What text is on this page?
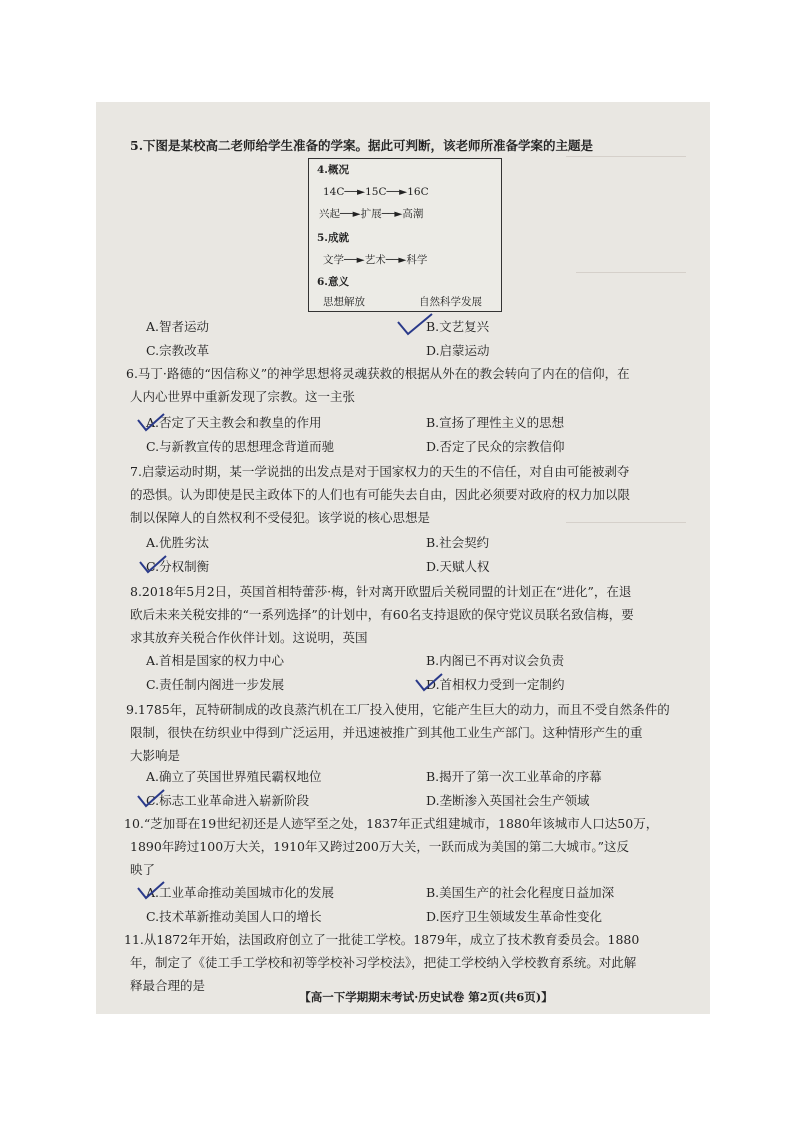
5.下图是某校高二老师给学生准备的学案。据此可判断，该老师所准备学案的主题是
4.概况
14C──►15C──►16C
兴起──►扩展──►高潮
5.成就
文学──►艺术──►科学
6.意义
思想解放	自然科学发展
A.智者运动	B.文艺复兴
C.宗教改革	D.启蒙运动
6.马丁·路德的“因信称义”的神学思想将灵魂获救的根据从外在的教会转向了内在的信仰，在
人内心世界中重新发现了宗教。这一主张
A.否定了天主教会和教皇的作用	B.宣扬了理性主义的思想
C.与新教宣传的思想理念背道而驰	D.否定了民众的宗教信仰
7.启蒙运动时期，某一学说拙的出发点是对于国家权力的天生的不信任，对自由可能被剥夺
的恐惧。认为即使是民主政体下的人们也有可能失去自由，因此必须要对政府的权力加以限
制以保障人的自然权利不受侵犯。该学说的核心思想是
A.优胜劣汰	B.社会契约
C.分权制衡	D.天赋人权
8.2018年5月2日，英国首相特蕾莎·梅，针对离开欧盟后关税同盟的计划正在“进化”，在退
欧后未来关税安排的“一系列选择”的计划中，有60名支持退欧的保守党议员联名致信梅，要
求其放弃关税合作伙伴计划。这说明，英国
A.首相是国家的权力中心	B.内阁已不再对议会负责
C.责任制内阁进一步发展	D.首相权力受到一定制约
9.1785年，瓦特研制成的改良蒸汽机在工厂投入使用，它能产生巨大的动力，而且不受自然条件的
限制，很快在纺织业中得到广泛运用，并迅速被推广到其他工业生产部门。这种情形产生的重
大影响是
A.确立了英国世界殖民霸权地位	B.揭开了第一次工业革命的序幕
C.标志工业革命进入崭新阶段	D.垄断渗入英国社会生产领域
10.“芝加哥在19世纪初还是人迹罕至之处，1837年正式组建城市，1880年该城市人口达50万，
1890年跨过100万大关，1910年又跨过200万大关，一跃而成为美国的第二大城市。”这反
映了
A.工业革命推动美国城市化的发展	B.美国生产的社会化程度日益加深
C.技术革新推动美国人口的增长	D.医疗卫生领域发生革命性变化
11.从1872年开始，法国政府创立了一批徒工学校。1879年，成立了技术教育委员会。1880
年，制定了《徒工手工学校和初等学校补习学校法》，把徒工学校纳入学校教育系统。对此解
释最合理的是
【高一下学期期末考试·历史试卷 第2页(共6页)】
